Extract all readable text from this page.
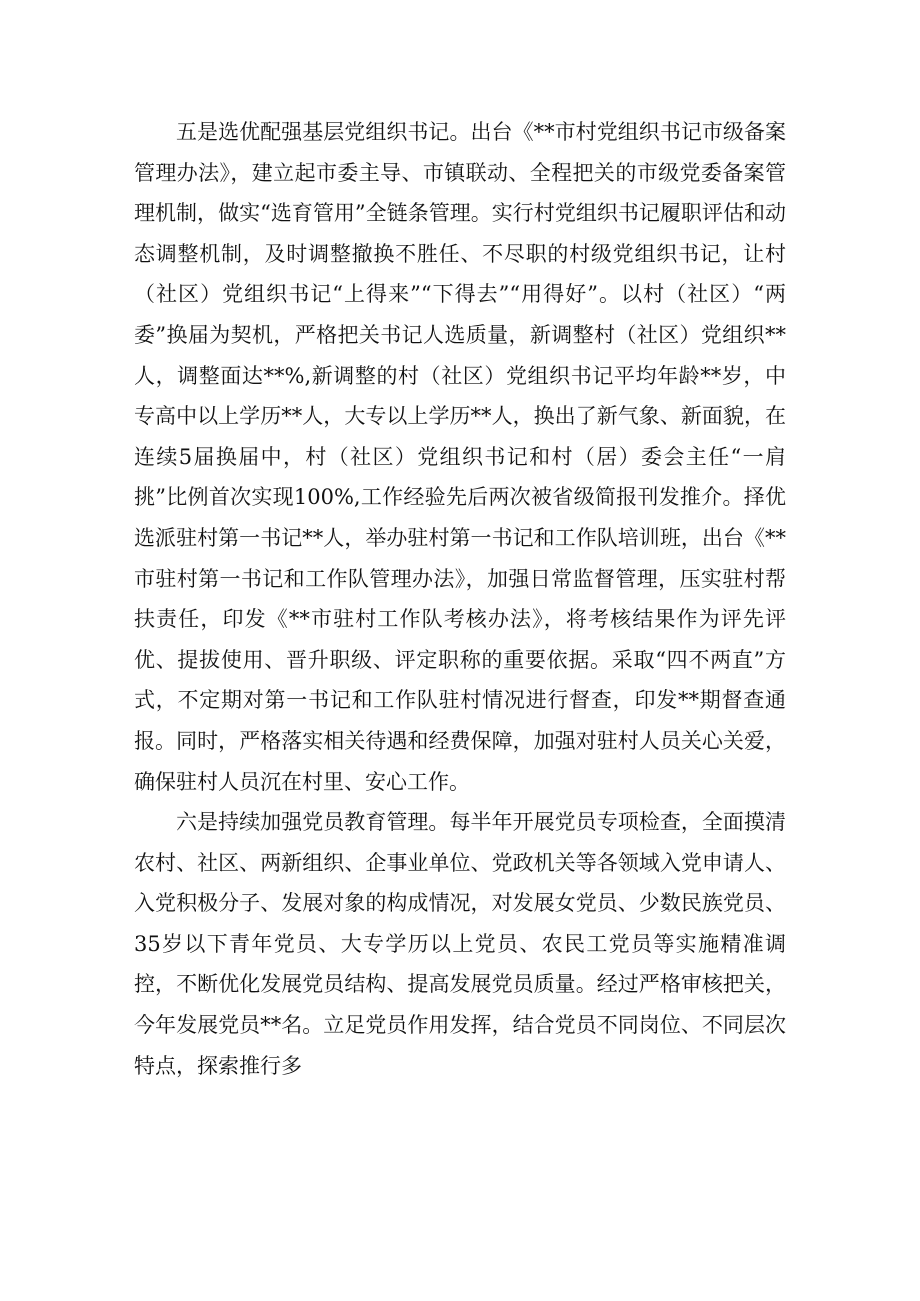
五是选优配强基层党组织书记。出台《**市村党组织书记市级备案管理办法》，建立起市委主导、市镇联动、全程把关的市级党委备案管理机制，做实“选育管用”全链条管理。实行村党组织书记履职评估和动态调整机制，及时调整撤换不胜任、不尽职的村级党组织书记，让村（社区）党组织书记“上得来”“下得去”“用得好”。以村（社区）“两委”换届为契机，严格把关书记人选质量，新调整村（社区）党组织**人，调整面达**%,新调整的村（社区）党组织书记平均年龄**岁，中专高中以上学历**人，大专以上学历**人，换出了新气象、新面貌，在连续5届换届中，村（社区）党组织书记和村（居）委会主任“一肩挑”比例首次实现100%,工作经验先后两次被省级简报刊发推介。择优选派驻村第一书记**人，举办驻村第一书记和工作队培训班，出台《**市驻村第一书记和工作队管理办法》，加强日常监督管理，压实驻村帮扶责任，印发《**市驻村工作队考核办法》，将考核结果作为评先评优、提拔使用、晋升职级、评定职称的重要依据。采取“四不两直”方式，不定期对第一书记和工作队驻村情况进行督查，印发**期督查通报。同时，严格落实相关待遇和经费保障，加强对驻村人员关心关爱，确保驻村人员沉在村里、安心工作。

六是持续加强党员教育管理。每半年开展党员专项检查，全面摸清农村、社区、两新组织、企事业单位、党政机关等各领域入党申请人、入党积极分子、发展对象的构成情况，对发展女党员、少数民族党员、35岁以下青年党员、大专学历以上党员、农民工党员等实施精准调控，不断优化发展党员结构、提高发展党员质量。经过严格审核把关，今年发展党员**名。立足党员作用发挥，结合党员不同岗位、不同层次特点，探索推行多
